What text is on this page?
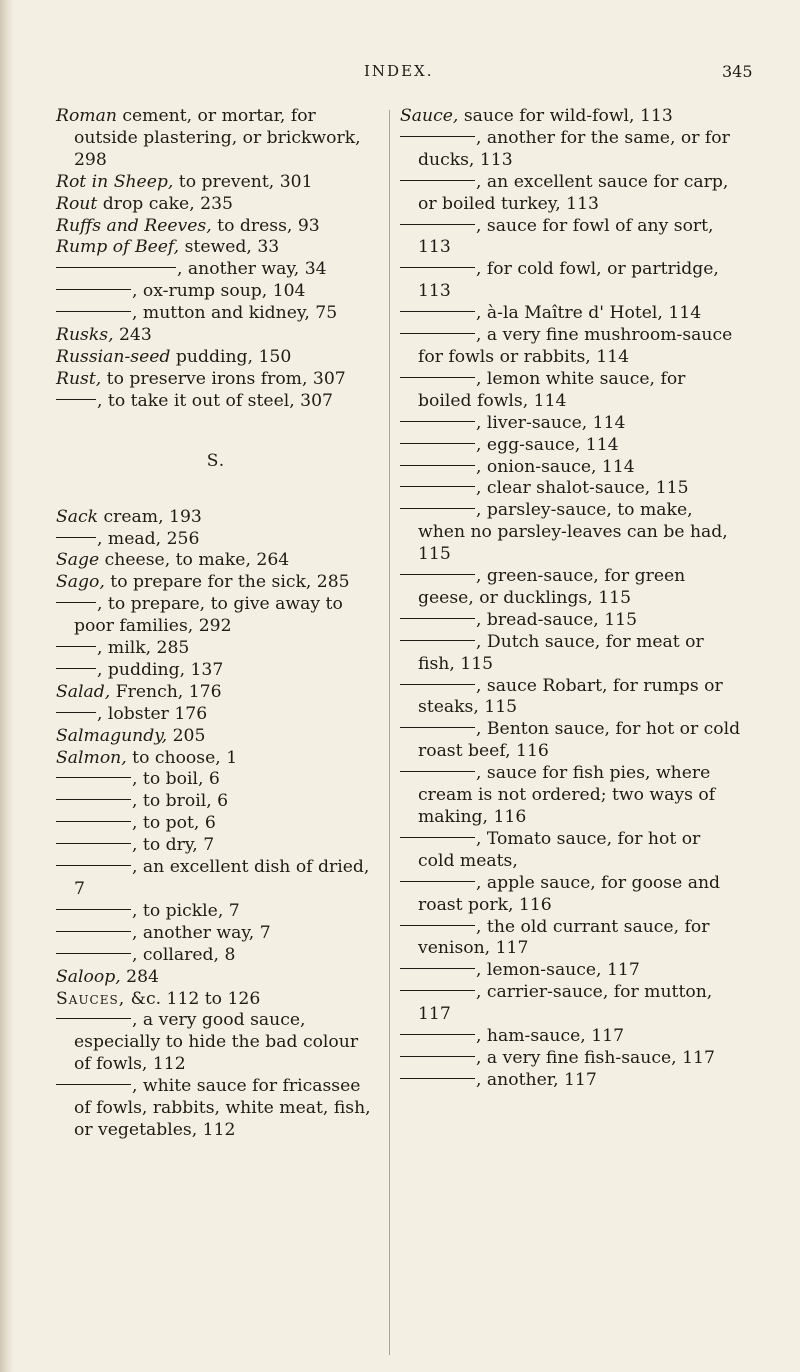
INDEX.	345

Roman cement, or mortar, for outside plastering, or brickwork, 298

Rot in Sheep, to prevent, 301

Rout drop cake, 235

Ruffs and Reeves, to dress, 93

Rump of Beef, stewed, 33

, another way, 34

, ox-rump soup, 104

, mutton and kidney, 75

Rusks, 243

Russian-seed pudding, 150

Rust, to preserve irons from, 307

, to take it out of steel, 307

S.

Sack cream, 193

, mead, 256

Sage cheese, to make, 264

Sago, to prepare for the sick, 285

, to prepare, to give away to poor families, 292

, milk, 285

, pudding, 137

Salad, French, 176

, lobster 176

Salmagundy, 205

Salmon, to choose, 1

, to boil, 6

, to broil, 6

, to pot, 6

, to dry, 7

, an excellent dish of dried, 7

, to pickle, 7

, another way, 7

, collared, 8

Saloop, 284

Sauces, &c. 112 to 126

, a very good sauce, especially to hide the bad colour of fowls, 112

, white sauce for fricassee of fowls, rabbits, white meat, fish, or vegetables, 112

Sauce, sauce for wild-fowl, 113

, another for the same, or for ducks, 113

, an excellent sauce for carp, or boiled turkey, 113

, sauce for fowl of any sort, 113

, for cold fowl, or partridge, 113

, à-la Maître d' Hotel, 114

, a very fine mushroom-sauce for fowls or rabbits, 114

, lemon white sauce, for boiled fowls, 114

, liver-sauce, 114

, egg-sauce, 114

, onion-sauce, 114

, clear shalot-sauce, 115

, parsley-sauce, to make, when no parsley-leaves can be had, 115

, green-sauce, for green geese, or ducklings, 115

, bread-sauce, 115

, Dutch sauce, for meat or fish, 115

, sauce Robart, for rumps or steaks, 115

, Benton sauce, for hot or cold roast beef, 116

, sauce for fish pies, where cream is not ordered; two ways of making, 116

, Tomato sauce, for hot or cold meats,

, apple sauce, for goose and roast pork, 116

, the old currant sauce, for venison, 117

, lemon-sauce, 117

, carrier-sauce, for mutton, 117

, ham-sauce, 117

, a very fine fish-sauce, 117

, another, 117
